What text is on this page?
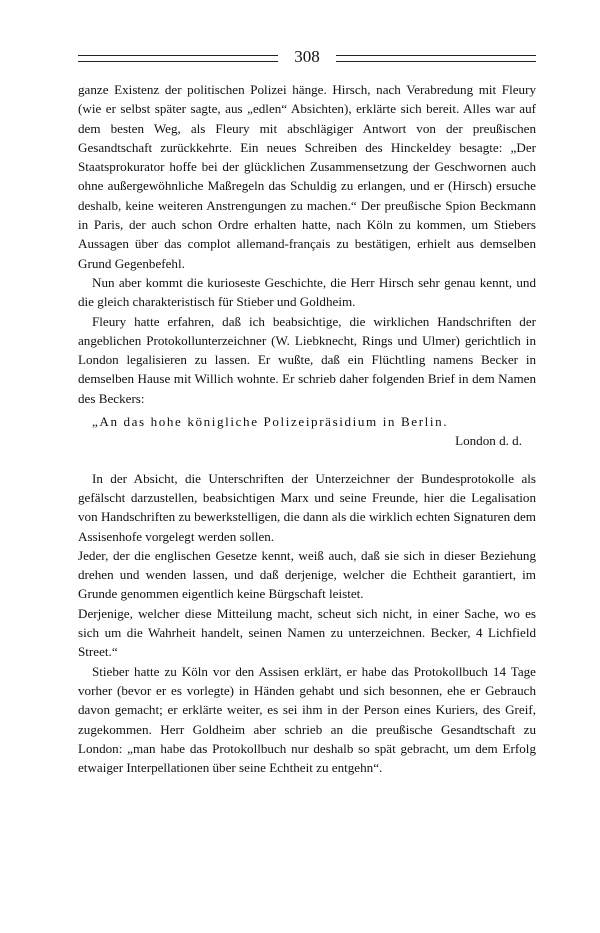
308

ganze Existenz der politischen Polizei hänge. Hirsch, nach Verabredung mit Fleury (wie er selbst später sagte, aus „edlen“ Absichten), erklärte sich bereit. Alles war auf dem besten Weg, als Fleury mit abschlägiger Antwort von der preußischen Gesandtschaft zurückkehrte. Ein neues Schreiben des Hinckeldey besagte: „Der Staatsprokurator hoffe bei der glücklichen Zusammensetzung der Geschwornen auch ohne außergewöhnliche Maßregeln das Schuldig zu erlangen, und er (Hirsch) ersuche deshalb, keine weiteren Anstrengungen zu machen.“ Der preußische Spion Beckmann in Paris, der auch schon Ordre erhalten hatte, nach Köln zu kommen, um Stiebers Aussagen über das complot allemand-français zu bestätigen, erhielt aus demselben Grund Gegenbefehl.

Nun aber kommt die kurioseste Geschichte, die Herr Hirsch sehr genau kennt, und die gleich charakteristisch für Stieber und Goldheim.

Fleury hatte erfahren, daß ich beabsichtige, die wirklichen Handschriften der angeblichen Protokollunterzeichner (W. Liebknecht, Rings und Ulmer) gerichtlich in London legalisieren zu lassen. Er wußte, daß ein Flüchtling namens Becker in demselben Hause mit Willich wohnte. Er schrieb daher folgenden Brief in dem Namen des Beckers:

„An das hohe königliche Polizeipräsidium in Berlin.

London d. d.

In der Absicht, die Unterschriften der Unterzeichner der Bundesprotokolle als gefälscht darzustellen, beabsichtigen Marx und seine Freunde, hier die Legalisation von Handschriften zu bewerkstelligen, die dann als die wirklich echten Signaturen dem Assisenhofe vorgelegt werden sollen.

Jeder, der die englischen Gesetze kennt, weiß auch, daß sie sich in dieser Beziehung drehen und wenden lassen, und daß derjenige, welcher die Echtheit garantiert, im Grunde genommen eigentlich keine Bürgschaft leistet.

Derjenige, welcher diese Mitteilung macht, scheut sich nicht, in einer Sache, wo es sich um die Wahrheit handelt, seinen Namen zu unterzeichnen. Becker, 4 Lichfield Street.“

Stieber hatte zu Köln vor den Assisen erklärt, er habe das Protokollbuch 14 Tage vorher (bevor er es vorlegte) in Händen gehabt und sich besonnen, ehe er Gebrauch davon gemacht; er erklärte weiter, es sei ihm in der Person eines Kuriers, des Greif, zugekommen. Herr Goldheim aber schrieb an die preußische Gesandtschaft zu London: „man habe das Protokollbuch nur deshalb so spät gebracht, um dem Erfolg etwaiger Interpellationen über seine Echtheit zu entgehn“.
